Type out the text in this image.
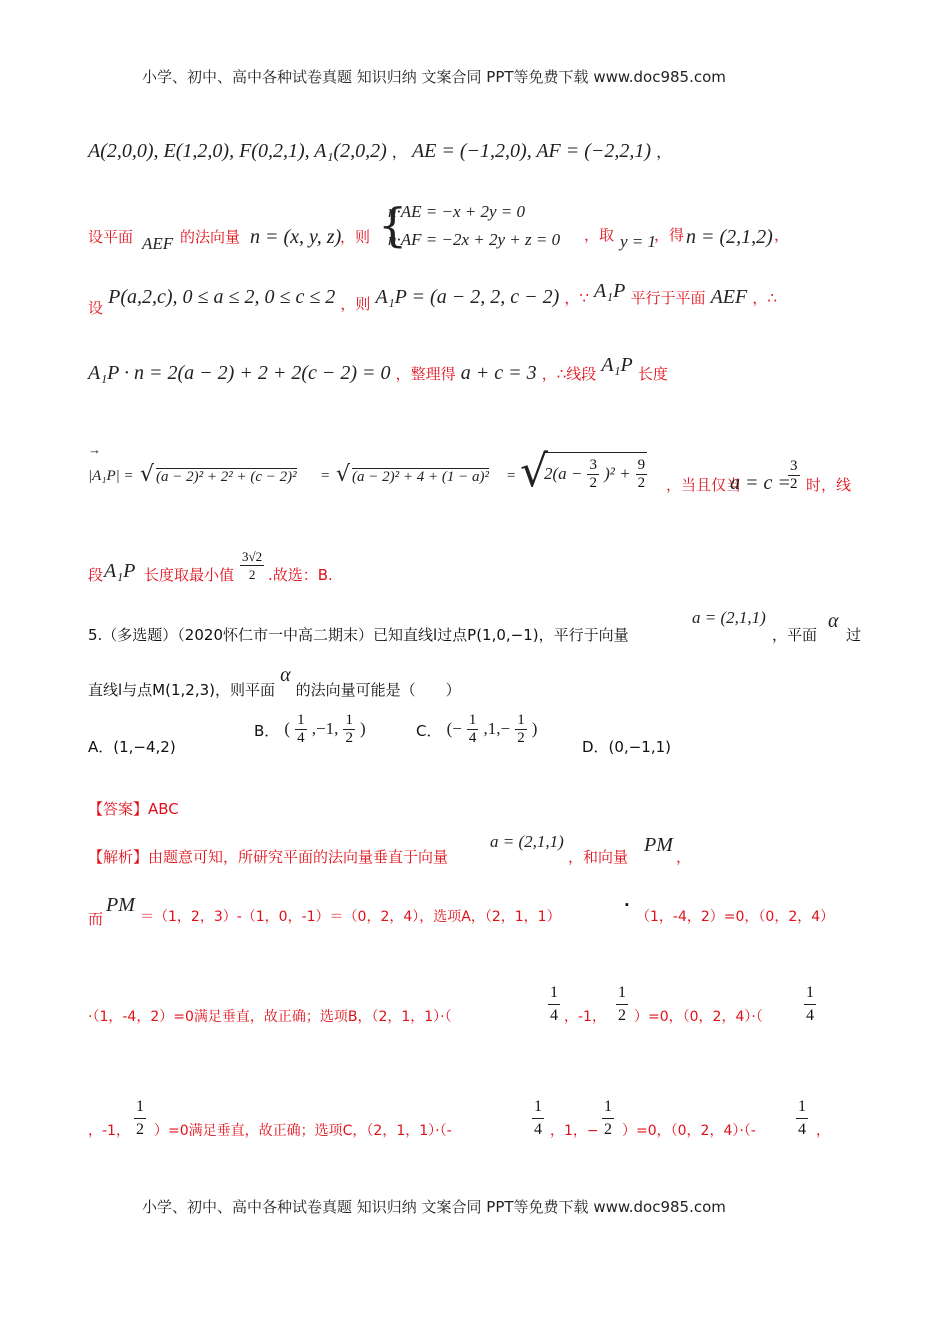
小学、初中、高中各种试卷真题 知识归纳 文案合同 PPT等免费下载 www.doc985.com
A(2,0,0), E(1,2,0), F(0,2,1), A₁(2,0,2) ， AE = (−1,2,0), AF = (−2,2,1) ，
设平面 AEF 的法向量 n = (x, y, z)
，则 {
n·AE = −x + 2y = 0
n·AF = −2x + 2y + z = 0 ，取 y = 1
，得 n = (2,1,2) ，
设 P(a,2,c), 0 ≤ a ≤ 2, 0 ≤ c ≤ 2 ，则 A₁P = (a − 2, 2, c − 2) ，∵ A₁P 平行于平面 AEF ，∴
A₁P · n = 2(a − 2) + 2 + 2(c − 2) = 0 ，整理得 a + c = 3 ，∴线段 A₁P 长度
→
|A₁P| = √ (a − 2)² + 2² + (c − 2)² = √ (a − 2)² + 4 + (1 − a)² = √
$2(a - \frac{3}{2} )^2 + \frac{9}{2}$ ，当且仅当
a = c =
$\frac{3}{2}$ 时，线
段 A₁P 长度取最小值 $\frac{3√2}{2}$ .故选：B.
5.（多选题）（2020怀仁市一中高二期末）已知直线l过点P(1,0,−1)，平行于向量
a = (2,1,1)
，平面
α
过
直线l与点M(1,2,3)，则平面 α 的法向量可能是（　　）
A．(1,−4,2)
B． ( $\frac{1}{4} ,-1$, $\frac{1}{2}$ )	C． (− $\frac{1}{4} ,1,- \frac{1}{2}$ )
D．(0,−1,1)
【答案】ABC
【解析】由题意可知，所研究平面的法向量垂直于向量
a = (2,1,1)
，和向量
PM
，
而
PM
＝（1，2，3）-（1，0，-1）＝（0，2，4），选项A，（2，1，1）
·
（1，-4，2）=0，（0，2，4）
·（1，-4，2）=0满足垂直，故正确；选项B，（2，1，1）·（	$\frac{1}{4}$ ，-1， $\frac{1}{2} )=0$，（0，2，4）·（	$\frac{1}{4}$
，-1， $\frac{1}{2} )=0$满足垂直，故正确；选项C，（2，1，1）·（-	$\frac{1}{4}$ ，1，− $\frac{1}{2} )=0$，（0，2，4）·（-	$\frac{1}{4}$ ，
小学、初中、高中各种试卷真题 知识归纳 文案合同 PPT等免费下载 www.doc985.com
